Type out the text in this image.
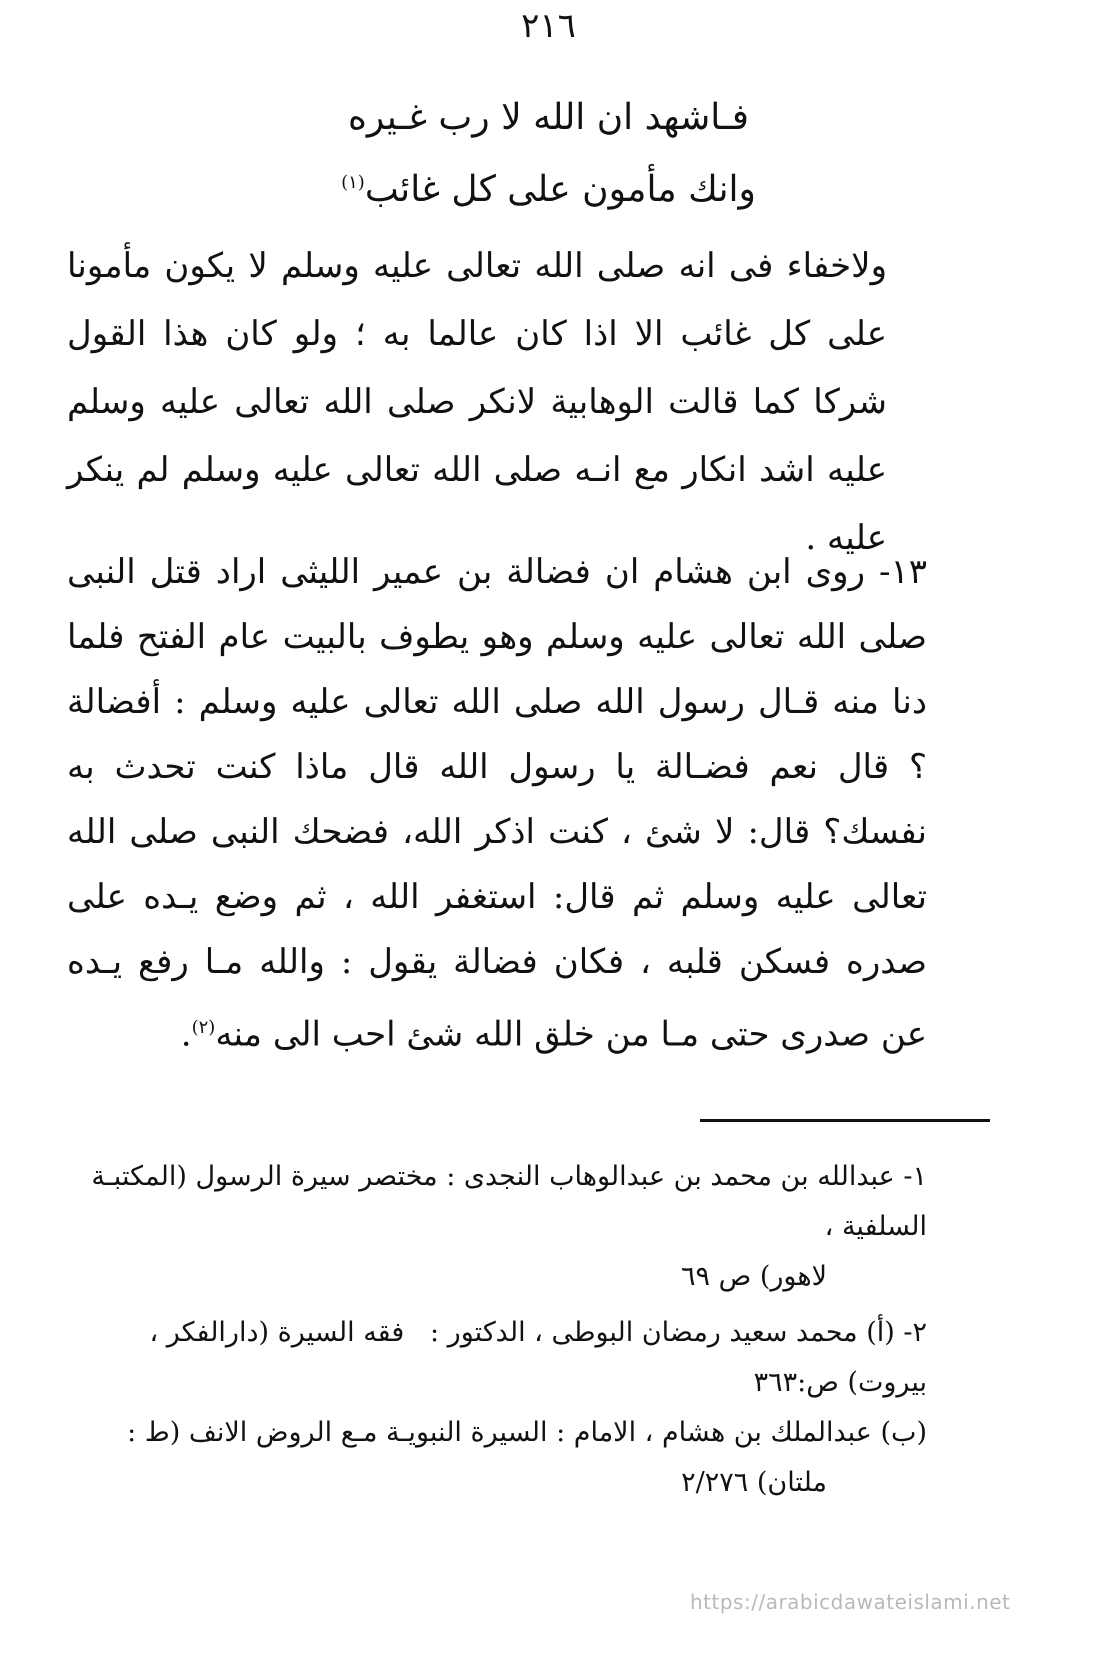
٢١٦
فـاشهد ان الله لا رب غـيره
وانك مأمون على كل غائب$^{(١)}$

ولاخفاء فى انه صلى الله تعالى عليه وسلم لا يكون مأمونا على كل غائب الا اذا كان عالما به ؛ ولو كان هذا القول شركا كما قالت الوهابية لانكر صلى الله تعالى عليه وسلم عليه اشد انكار مع انـه صلى الله تعالى عليه وسلم لم ينكر عليه .

١٣- روى ابن هشام ان فضالة بن عمير الليثى اراد قتل النبى صلى الله تعالى عليه وسلم وهو يطوف بالبيت عام الفتح فلما دنا منه قـال رسول الله صلى الله تعالى عليه وسلم : أفضالة ؟ قال نعم فضـالة يا رسول الله قال ماذا كنت تحدث به نفسك؟ قال: لا شئ ، كنت اذكر الله، فضحك النبى صلى الله تعالى عليه وسلم ثم قال: استغفر الله ، ثم وضع يـده على صدره فسكن قلبه ، فكان فضالة يقول : والله مـا رفع يـده عن صدرى حتى مـا من خلق الله شئ احب الى منه$^{(٢)}$.

١- عبدالله بن محمد بن عبدالوهاب النجدى : مختصر سيرة الرسول (المكتبـة السلفية ،
لاهور) ص ٦٩

٢- (أ) محمد سعيد رمضان البوطى ، الدكتور :   فقه السيرة (دارالفكر ، بيروت) ص:٣٦٣
(ب) عبدالملك بن هشام ، الامام : السيرة النبويـة مـع الروض الانف (ط :
ملتان) ٢/٢٧٦

https://arabicdawateislami.net
